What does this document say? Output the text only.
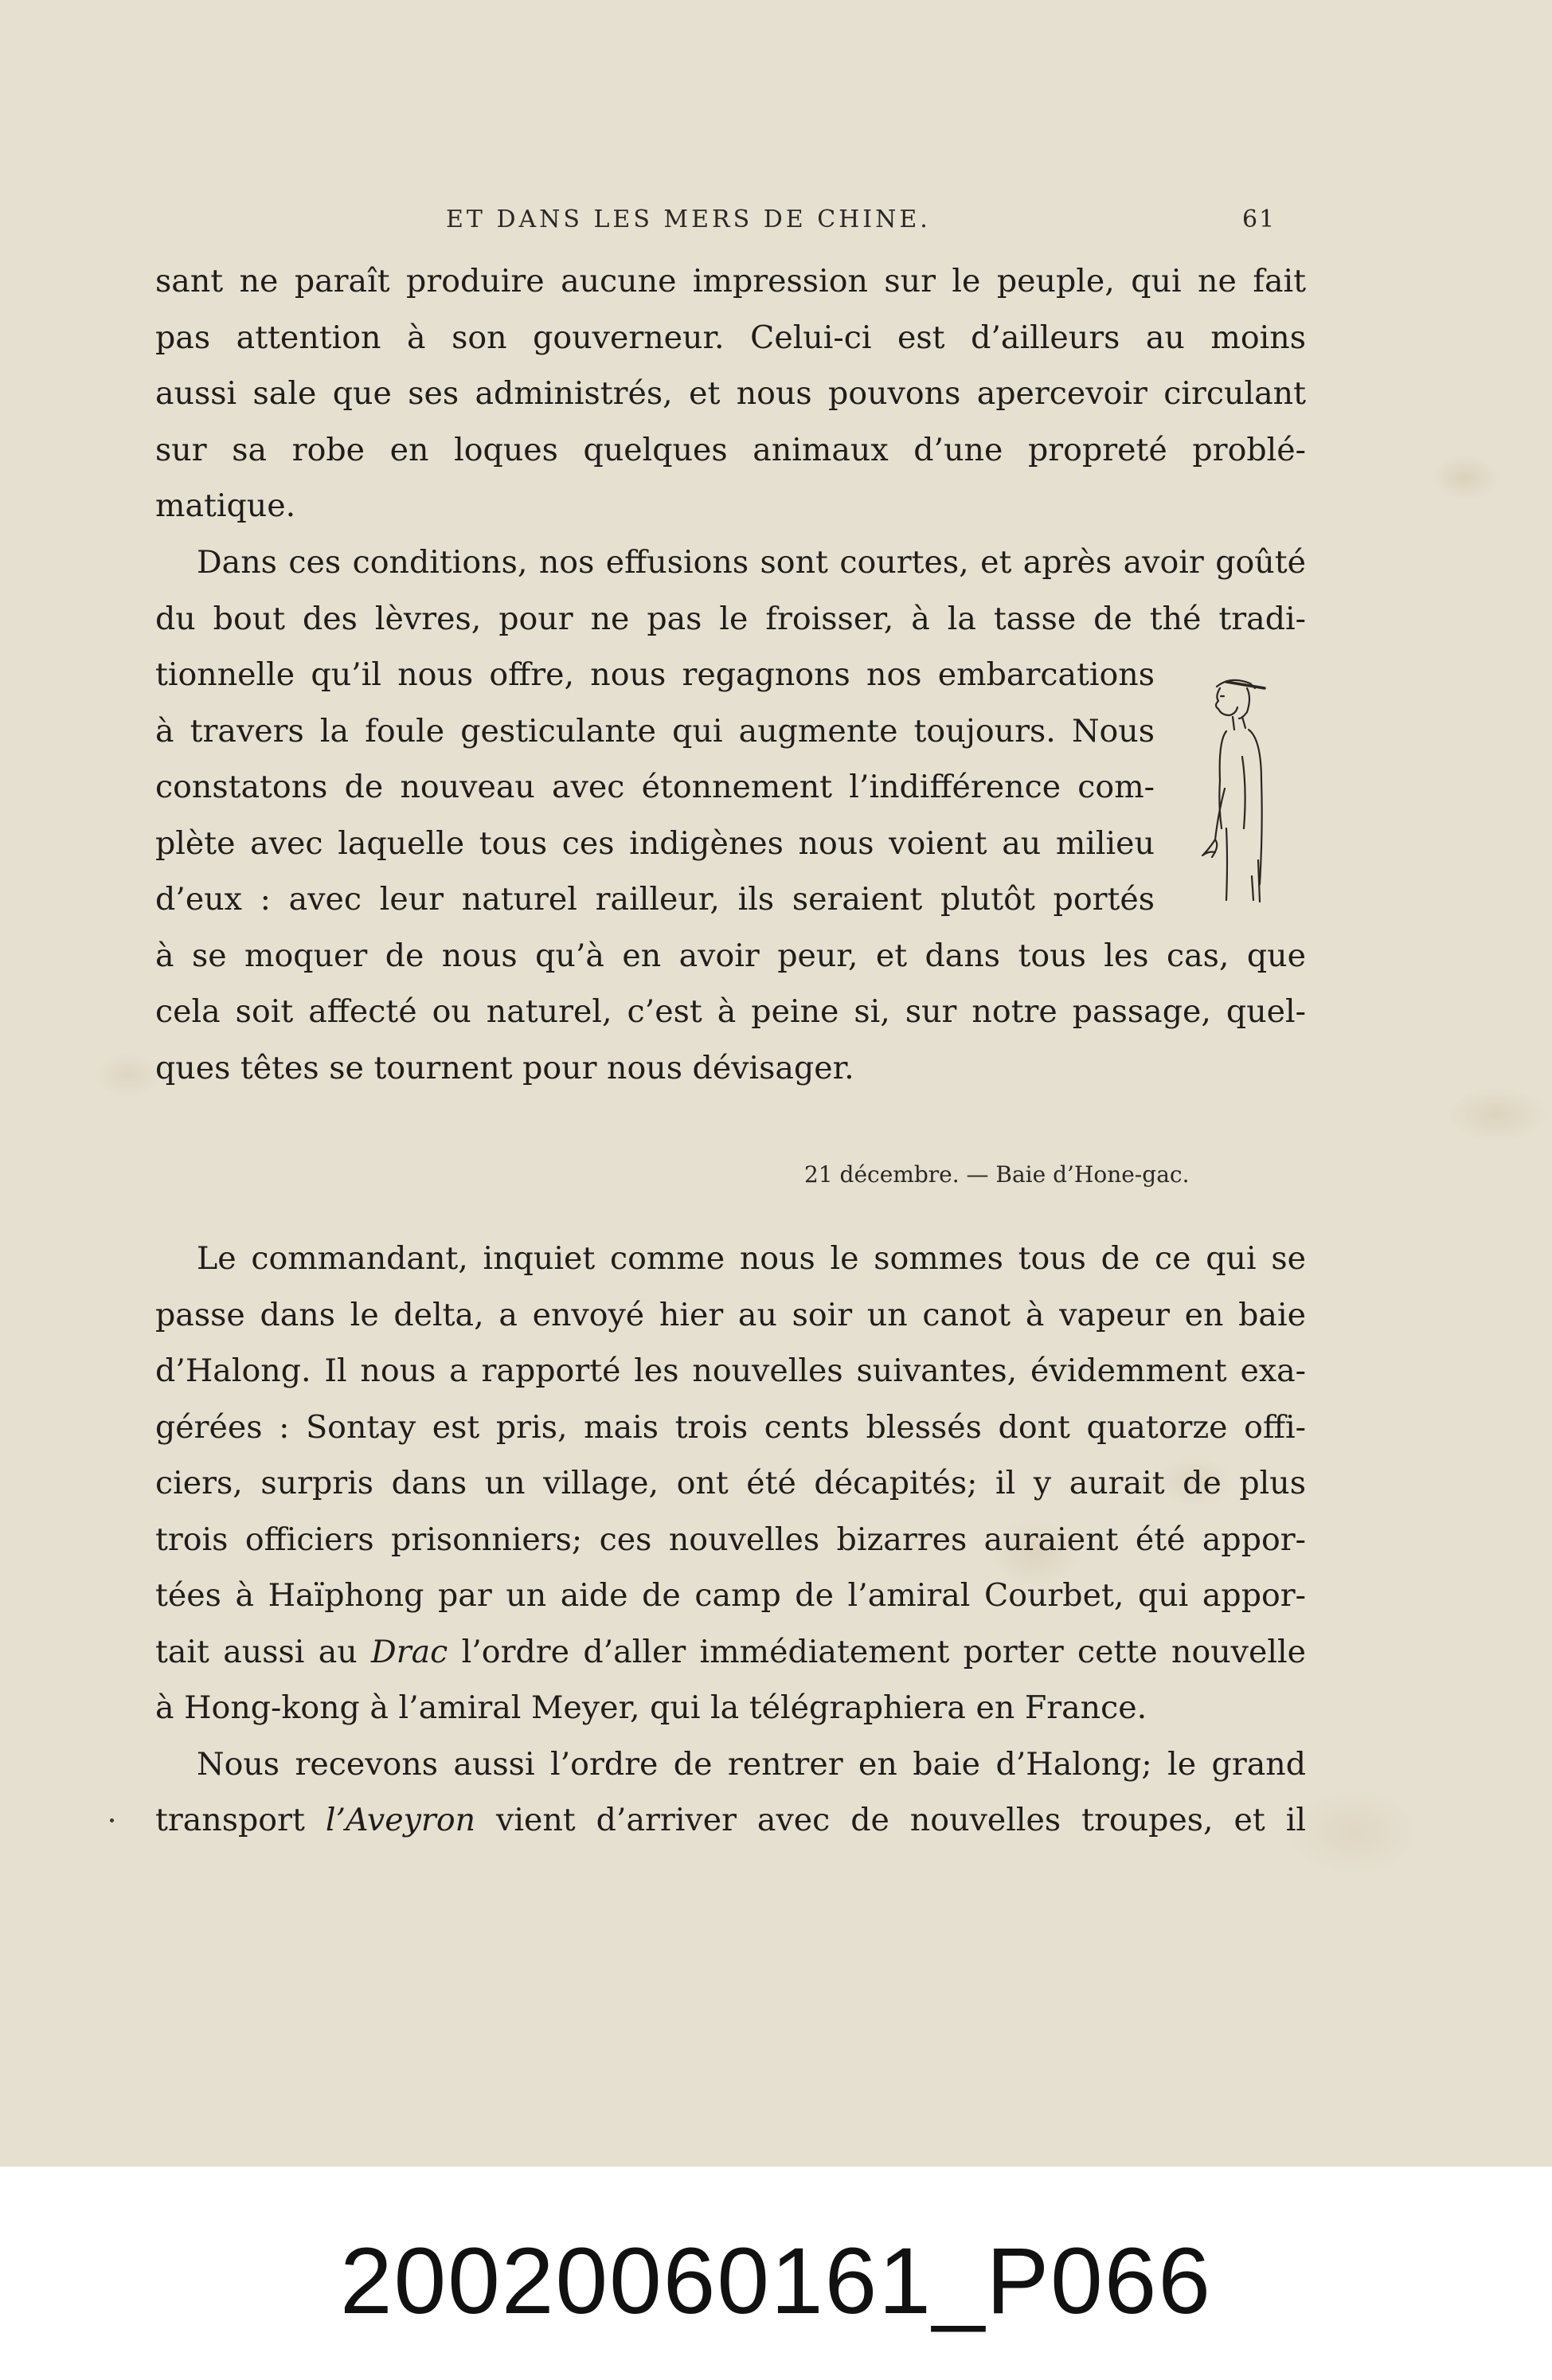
ET DANS LES MERS DE CHINE.	61
sant ne paraît produire aucune impression sur le peuple, qui ne fait
pas attention à son gouverneur. Celui-ci est d’ailleurs au moins
aussi sale que ses administrés, et nous pouvons apercevoir circulant
sur sa robe en loques quelques animaux d’une propreté problé-
matique.
Dans ces conditions, nos effusions sont courtes, et après avoir goûté
du bout des lèvres, pour ne pas le froisser, à la tasse de thé tradi-
tionnelle qu’il nous offre, nous regagnons nos embarcations
à travers la foule gesticulante qui augmente toujours. Nous
constatons de nouveau avec étonnement l’indifférence com-
plète avec laquelle tous ces indigènes nous voient au milieu
d’eux : avec leur naturel railleur, ils seraient plutôt portés
à se moquer de nous qu’à en avoir peur, et dans tous les cas, que
cela soit affecté ou naturel, c’est à peine si, sur notre passage, quel-
ques têtes se tournent pour nous dévisager.
21 décembre. — Baie d’Hone-gac.
Le commandant, inquiet comme nous le sommes tous de ce qui se
passe dans le delta, a envoyé hier au soir un canot à vapeur en baie
d’Halong. Il nous a rapporté les nouvelles suivantes, évidemment exa-
gérées : Sontay est pris, mais trois cents blessés dont quatorze offi-
ciers, surpris dans un village, ont été décapités; il y aurait de plus
trois officiers prisonniers; ces nouvelles bizarres auraient été appor-
tées à Haïphong par un aide de camp de l’amiral Courbet, qui appor-
tait aussi au Drac l’ordre d’aller immédiatement porter cette nouvelle
à Hong-kong à l’amiral Meyer, qui la télégraphiera en France.
Nous recevons aussi l’ordre de rentrer en baie d’Halong; le grand
transport l’Aveyron vient d’arriver avec de nouvelles troupes, et il
20020060161_P066
